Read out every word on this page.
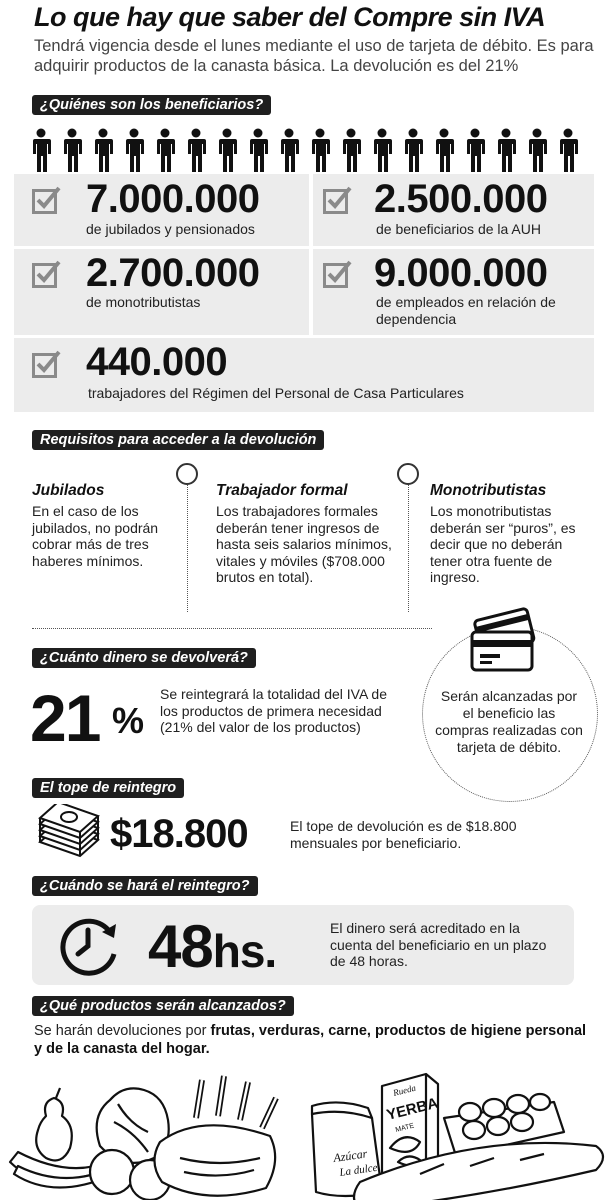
Lo que hay que saber del Compre sin IVA
Tendrá vigencia desde el lunes mediante el uso de tarjeta de débito. Es para adquirir productos de la canasta básica. La devolución es del 21%
¿Quiénes son los beneficiarios?
7.000.000
de jubilados y pensionados
2.500.000
de beneficiarios de la AUH
2.700.000
de monotributistas
9.000.000
de empleados en relación de dependencia
440.000
trabajadores del Régimen del Personal de Casa Particulares
Requisitos para acceder a la devolución
Jubilados
En el caso de los jubilados, no podrán cobrar más de tres haberes mínimos.
Trabajador formal
Los trabajadores formales deberán tener ingresos de hasta seis salarios mínimos, vitales y móviles ($708.000 brutos en total).
Monotributistas
Los monotributistas deberán ser “puros”, es decir que no deberán tener otra fuente de ingreso.
¿Cuánto dinero se devolverá?
21 %
Se reintegrará la totalidad del IVA de los productos de primera necesidad (21% del valor de los productos)
Serán alcanzadas por el beneficio las compras realizadas con tarjeta de débito.
El tope de reintegro
$18.800	El tope de devolución es de $18.800 mensuales por beneficiario.
¿Cuándo se hará el reintegro?
48hs.	El dinero será acreditado en la cuenta del beneficiario en un plazo de 48 horas.
¿Qué productos serán alcanzados?
Se harán devoluciones por frutas, verduras, carne, productos de higiene personal y de la canasta del hogar.
Azúcar
La dulce
Rueda
YERBA
MATE
